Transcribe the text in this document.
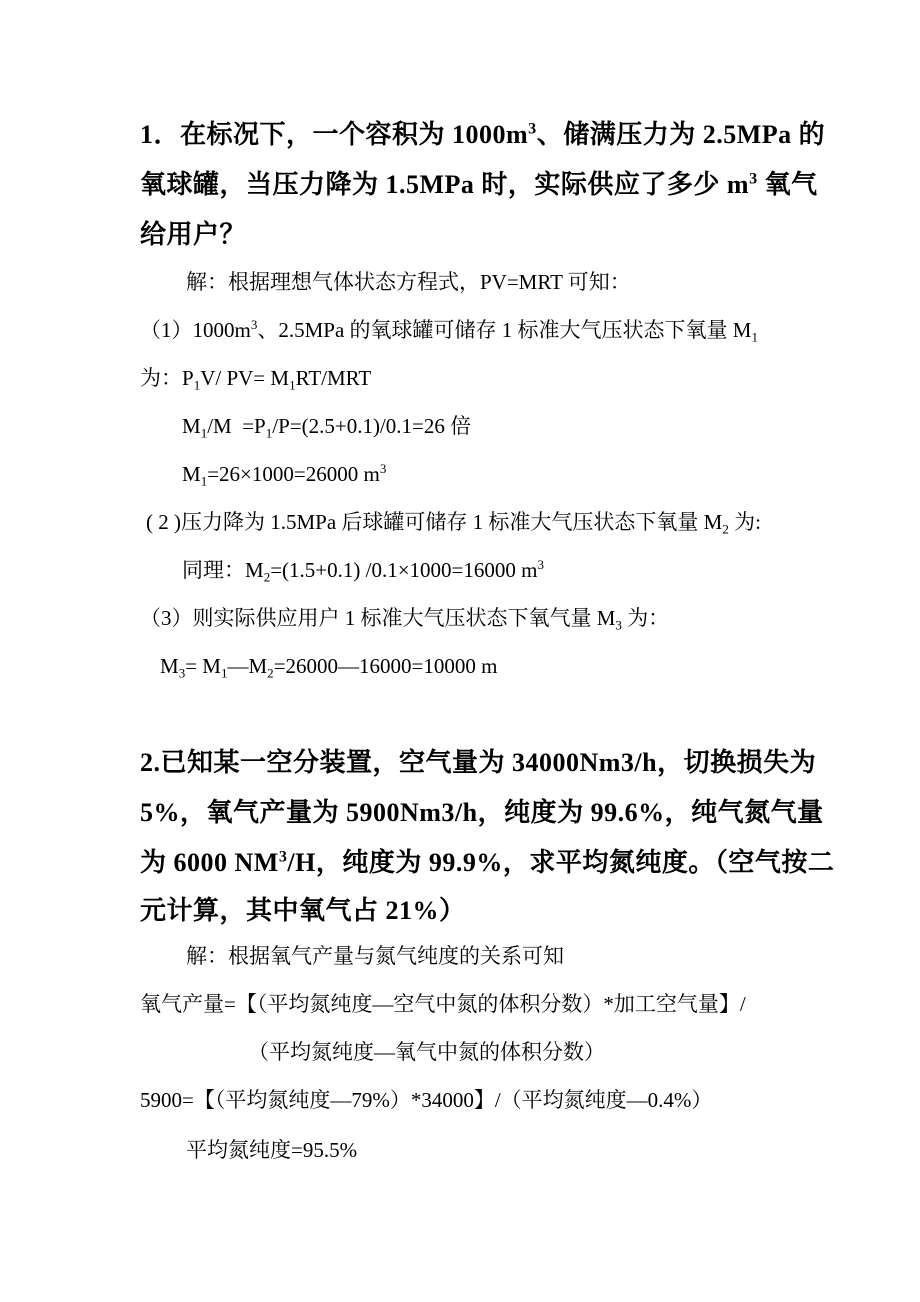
1．在标况下，一个容积为 $1000m^3$、储满压力为 2.5MPa 的
氧球罐，当压力降为 1.5MPa 时，实际供应了多少 $m^3$ 氧气
给用户？
解：根据理想气体状态方程式，PV=MRT 可知：
$(1)1000m^3$、2.5MPa 的氧球罐可储存 1 标准大气压状态下氧量 $M_1$
为：$P_1V/$ $PV= M_1RT$/MRT
$M_1/M =P_1/P=(2.5+0.1)/0.1=26$ 倍
$M_1=26\times 1000=26000$ $m^3$
( 2 )压力降为 1.5MPa 后球罐可储存 1 标准大气压状态下氧量 $M_2$ 为:
同理：$M_2=(1.5+0.1)$ /0.1×1000=16000 $m^3$
（3）则实际供应用户 1 标准大气压状态下氧气量 $M_3$ 为：
$M_3=$ $M_1—M_2=26000—16000=10000$ m
2.已知某一空分装置，空气量为 34000Nm3/h，切换损失为
5%，氧气产量为 5900Nm3/h，纯度为 99.6%，纯气氮气量
为 6000 $NM^3/H$，纯度为 99.9%，求平均氮纯度。（空气按二
元计算，其中氧气占 21%）
解：根据氧气产量与氮气纯度的关系可知
氧气产量=【（平均氮纯度—空气中氮的体积分数）*加工空气量】/
（平均氮纯度—氧气中氮的体积分数）
5900=【（平均氮纯度—79%）*34000】/（平均氮纯度—0.4%）
平均氮纯度=95.5%
